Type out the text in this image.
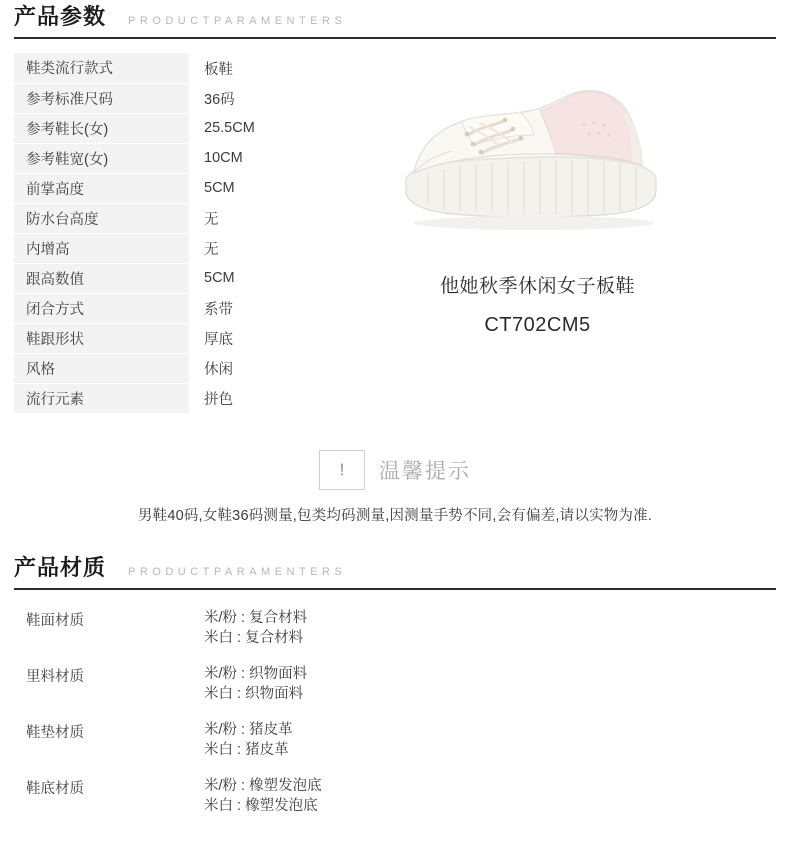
产品参数 PRODUCTPARAMENTERS
鞋类流行款式	板鞋
参考标准尺码	36码
参考鞋长(女)	25.5CM
参考鞋宽(女)	10CM
前掌高度	5CM
防水台高度	无
内增高	无
跟高数值	5CM
闭合方式	系带
鞋跟形状	厚底
风格	休闲
流行元素	拼色
他她秋季休闲女子板鞋
CT702CM5
!	温馨提示
男鞋40码,女鞋36码测量,包类均码测量,因测量手势不同,会有偏差,请以实物为准.
产品材质 PRODUCTPARAMENTERS
鞋面材质	米/粉 : 复合材料
米白 : 复合材料
里料材质	米/粉 : 织物面料
米白 : 织物面料
鞋垫材质	米/粉 : 猪皮革
米白 : 猪皮革
鞋底材质	米/粉 : 橡塑发泡底
米白 : 橡塑发泡底
